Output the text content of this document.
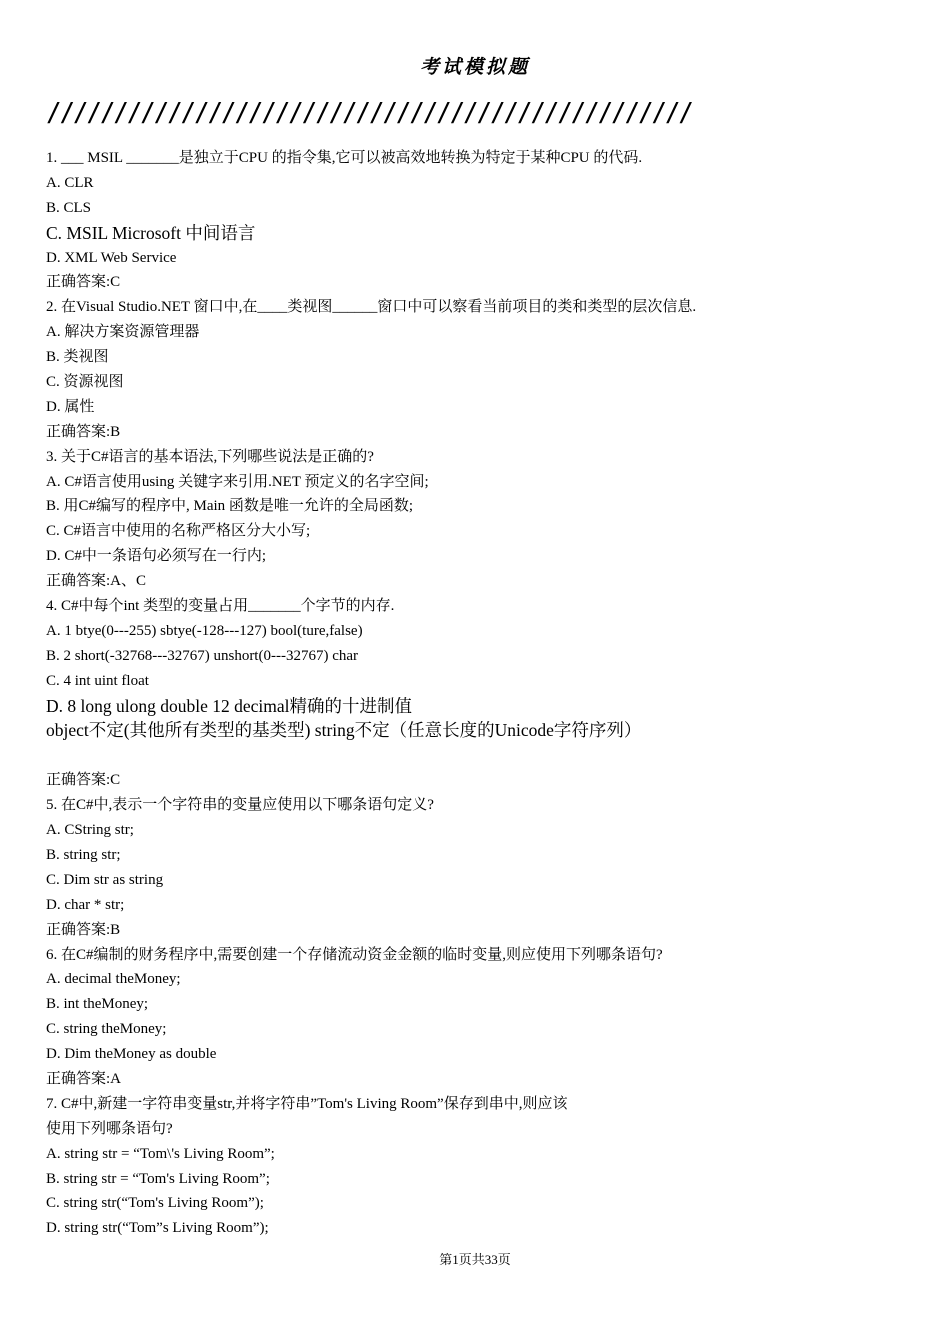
考试模拟题
////////////////////////////////////////////////
1. ___ MSIL _______是独立于CPU 的指令集,它可以被高效地转换为特定于某种CPU 的代码.
A. CLR
B. CLS
C. MSIL Microsoft 中间语言
D. XML Web Service
正确答案:C
2. 在Visual Studio.NET 窗口中,在____类视图______窗口中可以察看当前项目的类和类型的层次信息.
A. 解决方案资源管理器
B. 类视图
C. 资源视图
D. 属性
正确答案:B
3. 关于C#语言的基本语法,下列哪些说法是正确的?
A. C#语言使用using 关键字来引用.NET 预定义的名字空间;
B. 用C#编写的程序中, Main 函数是唯一允许的全局函数;
C. C#语言中使用的名称严格区分大小写;
D. C#中一条语句必须写在一行内;
正确答案:A、C
4. C#中每个int 类型的变量占用_______个字节的内存.
A. 1 btye(0---255) sbtye(-128---127) bool(ture,false)
B. 2 short(-32768---32767) unshort(0---32767) char
C. 4 int uint float
D. 8 long ulong double 12 decimal精确的十进制值
object不定(其他所有类型的基类型) string不定（任意长度的Unicode字符序列）
正确答案:C
5. 在C#中,表示一个字符串的变量应使用以下哪条语句定义?
A. CString str;
B. string str;
C. Dim str as string
D. char * str;
正确答案:B
6. 在C#编制的财务程序中,需要创建一个存储流动资金金额的临时变量,则应使用下列哪条语句?
A. decimal theMoney;
B. int theMoney;
C. string theMoney;
D. Dim theMoney as double
正确答案:A
7. C#中,新建一字符串变量str,并将字符串”Tom's Living Room”保存到串中,则应该
使用下列哪条语句?
A. string str = “Tom\'s Living Room”;
B. string str = “Tom's Living Room”;
C. string str(“Tom's Living Room”);
D. string str(“Tom”s Living Room”);
第1页共33页
